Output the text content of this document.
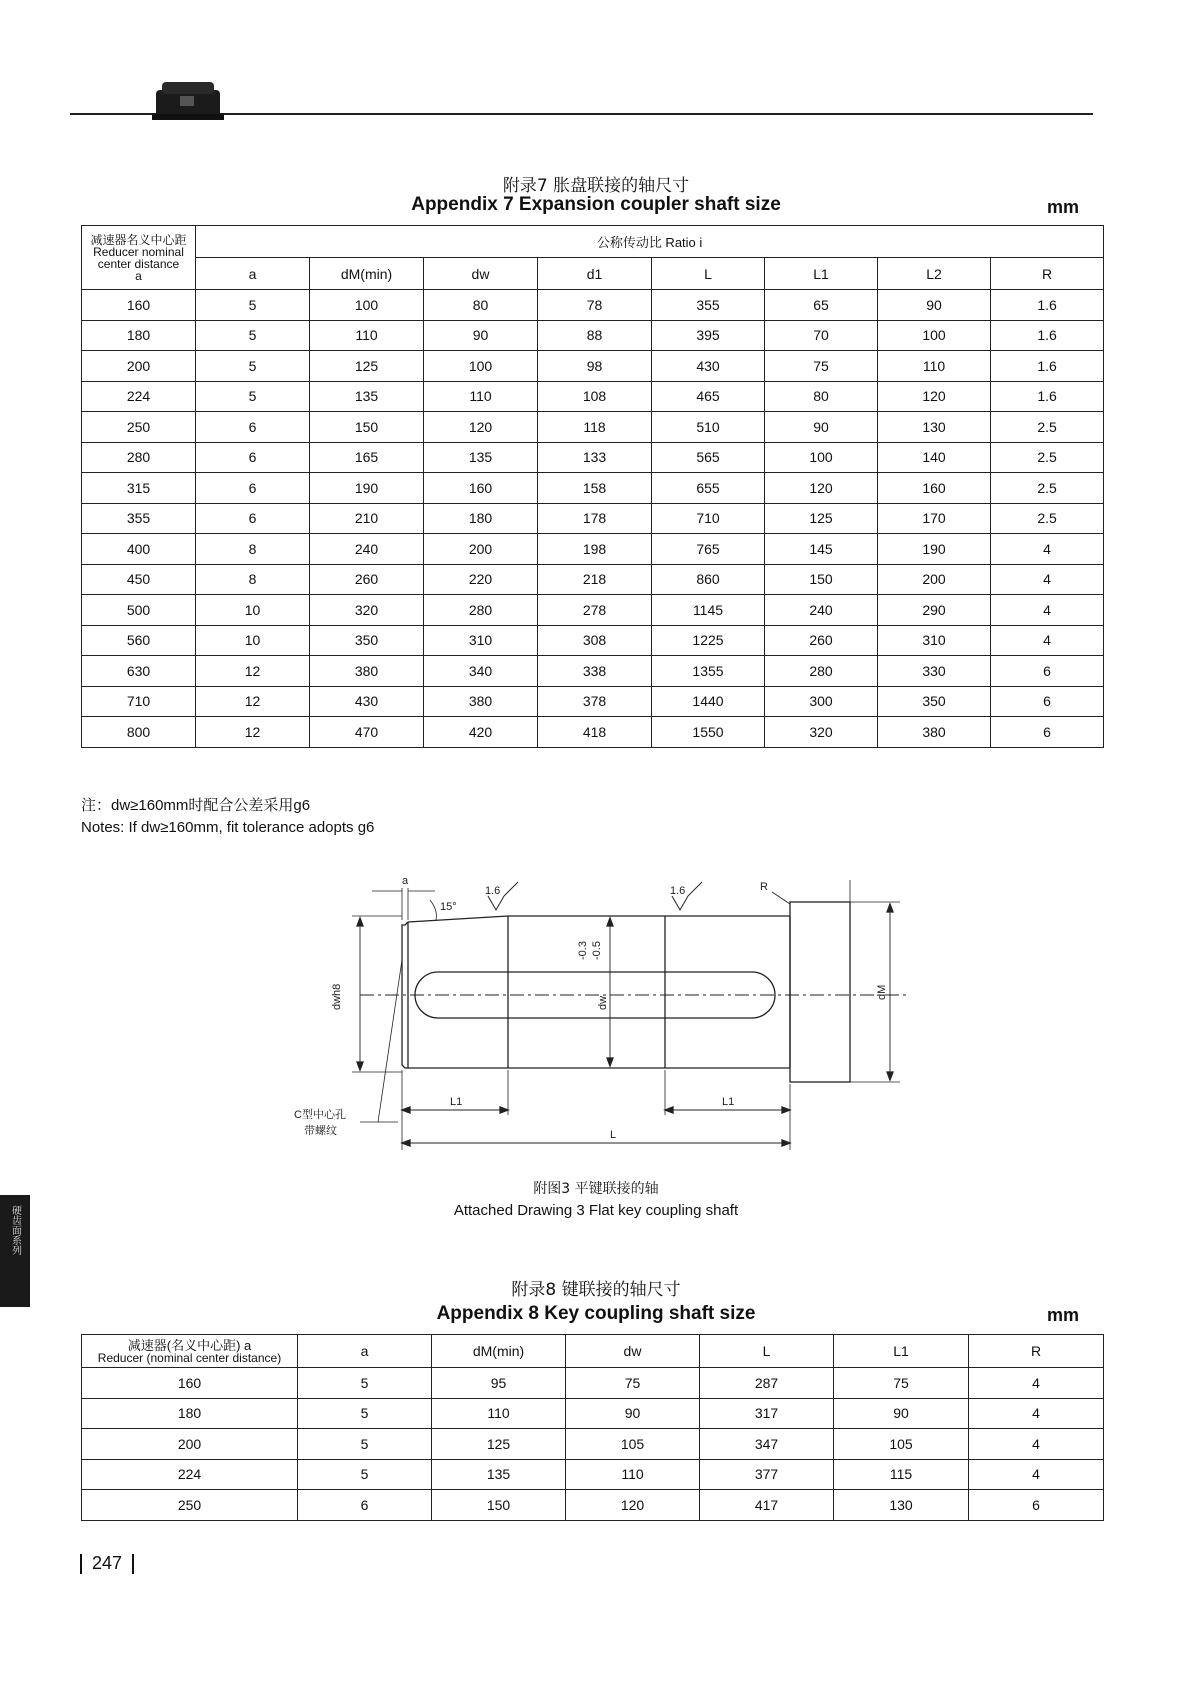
附录7 胀盘联接的轴尺寸
Appendix 7 Expansion coupler shaft size	mm
减速器名义中心距
Reducer nominal
center distance
a	公称传动比 Ratio i							
	a	dM(min)	dw	d1	L	L1	L2	R
160	5	100	80	78	355	65	90	1.6
180	5	110	90	88	395	70	100	1.6
200	5	125	100	98	430	75	110	1.6
224	5	135	110	108	465	80	120	1.6
250	6	150	120	118	510	90	130	2.5
280	6	165	135	133	565	100	140	2.5
315	6	190	160	158	655	120	160	2.5
355	6	210	180	178	710	125	170	2.5
400	8	240	200	198	765	145	190	4
450	8	260	220	218	860	150	200	4
500	10	320	280	278	1145	240	290	4
560	10	350	310	308	1225	260	310	4
630	12	380	340	338	1355	280	330	6
710	12	430	380	378	1440	300	350	6
800	12	470	420	418	1550	320	380	6
注：dw≥160mm时配合公差采用g6
Notes: If dw≥160mm, fit tolerance adopts g6
a
15°
1.6	1.6	R
dwh8
-0.3 -0.5
dw
dM
L1	L1
L
C型中心孔
带螺纹
附图3 平键联接的轴
Attached Drawing 3 Flat key coupling shaft
硬齿面系列
附录8 键联接的轴尺寸
Appendix 8 Key coupling shaft size	mm
减速器(名义中心距) a
Reducer (nominal center distance)	a	dM(min)	dw	L	L1	R
160	5	95	75	287	75	4
180	5	110	90	317	90	4
200	5	125	105	347	105	4
224	5	135	110	377	115	4
250	6	150	120	417	130	6
247
